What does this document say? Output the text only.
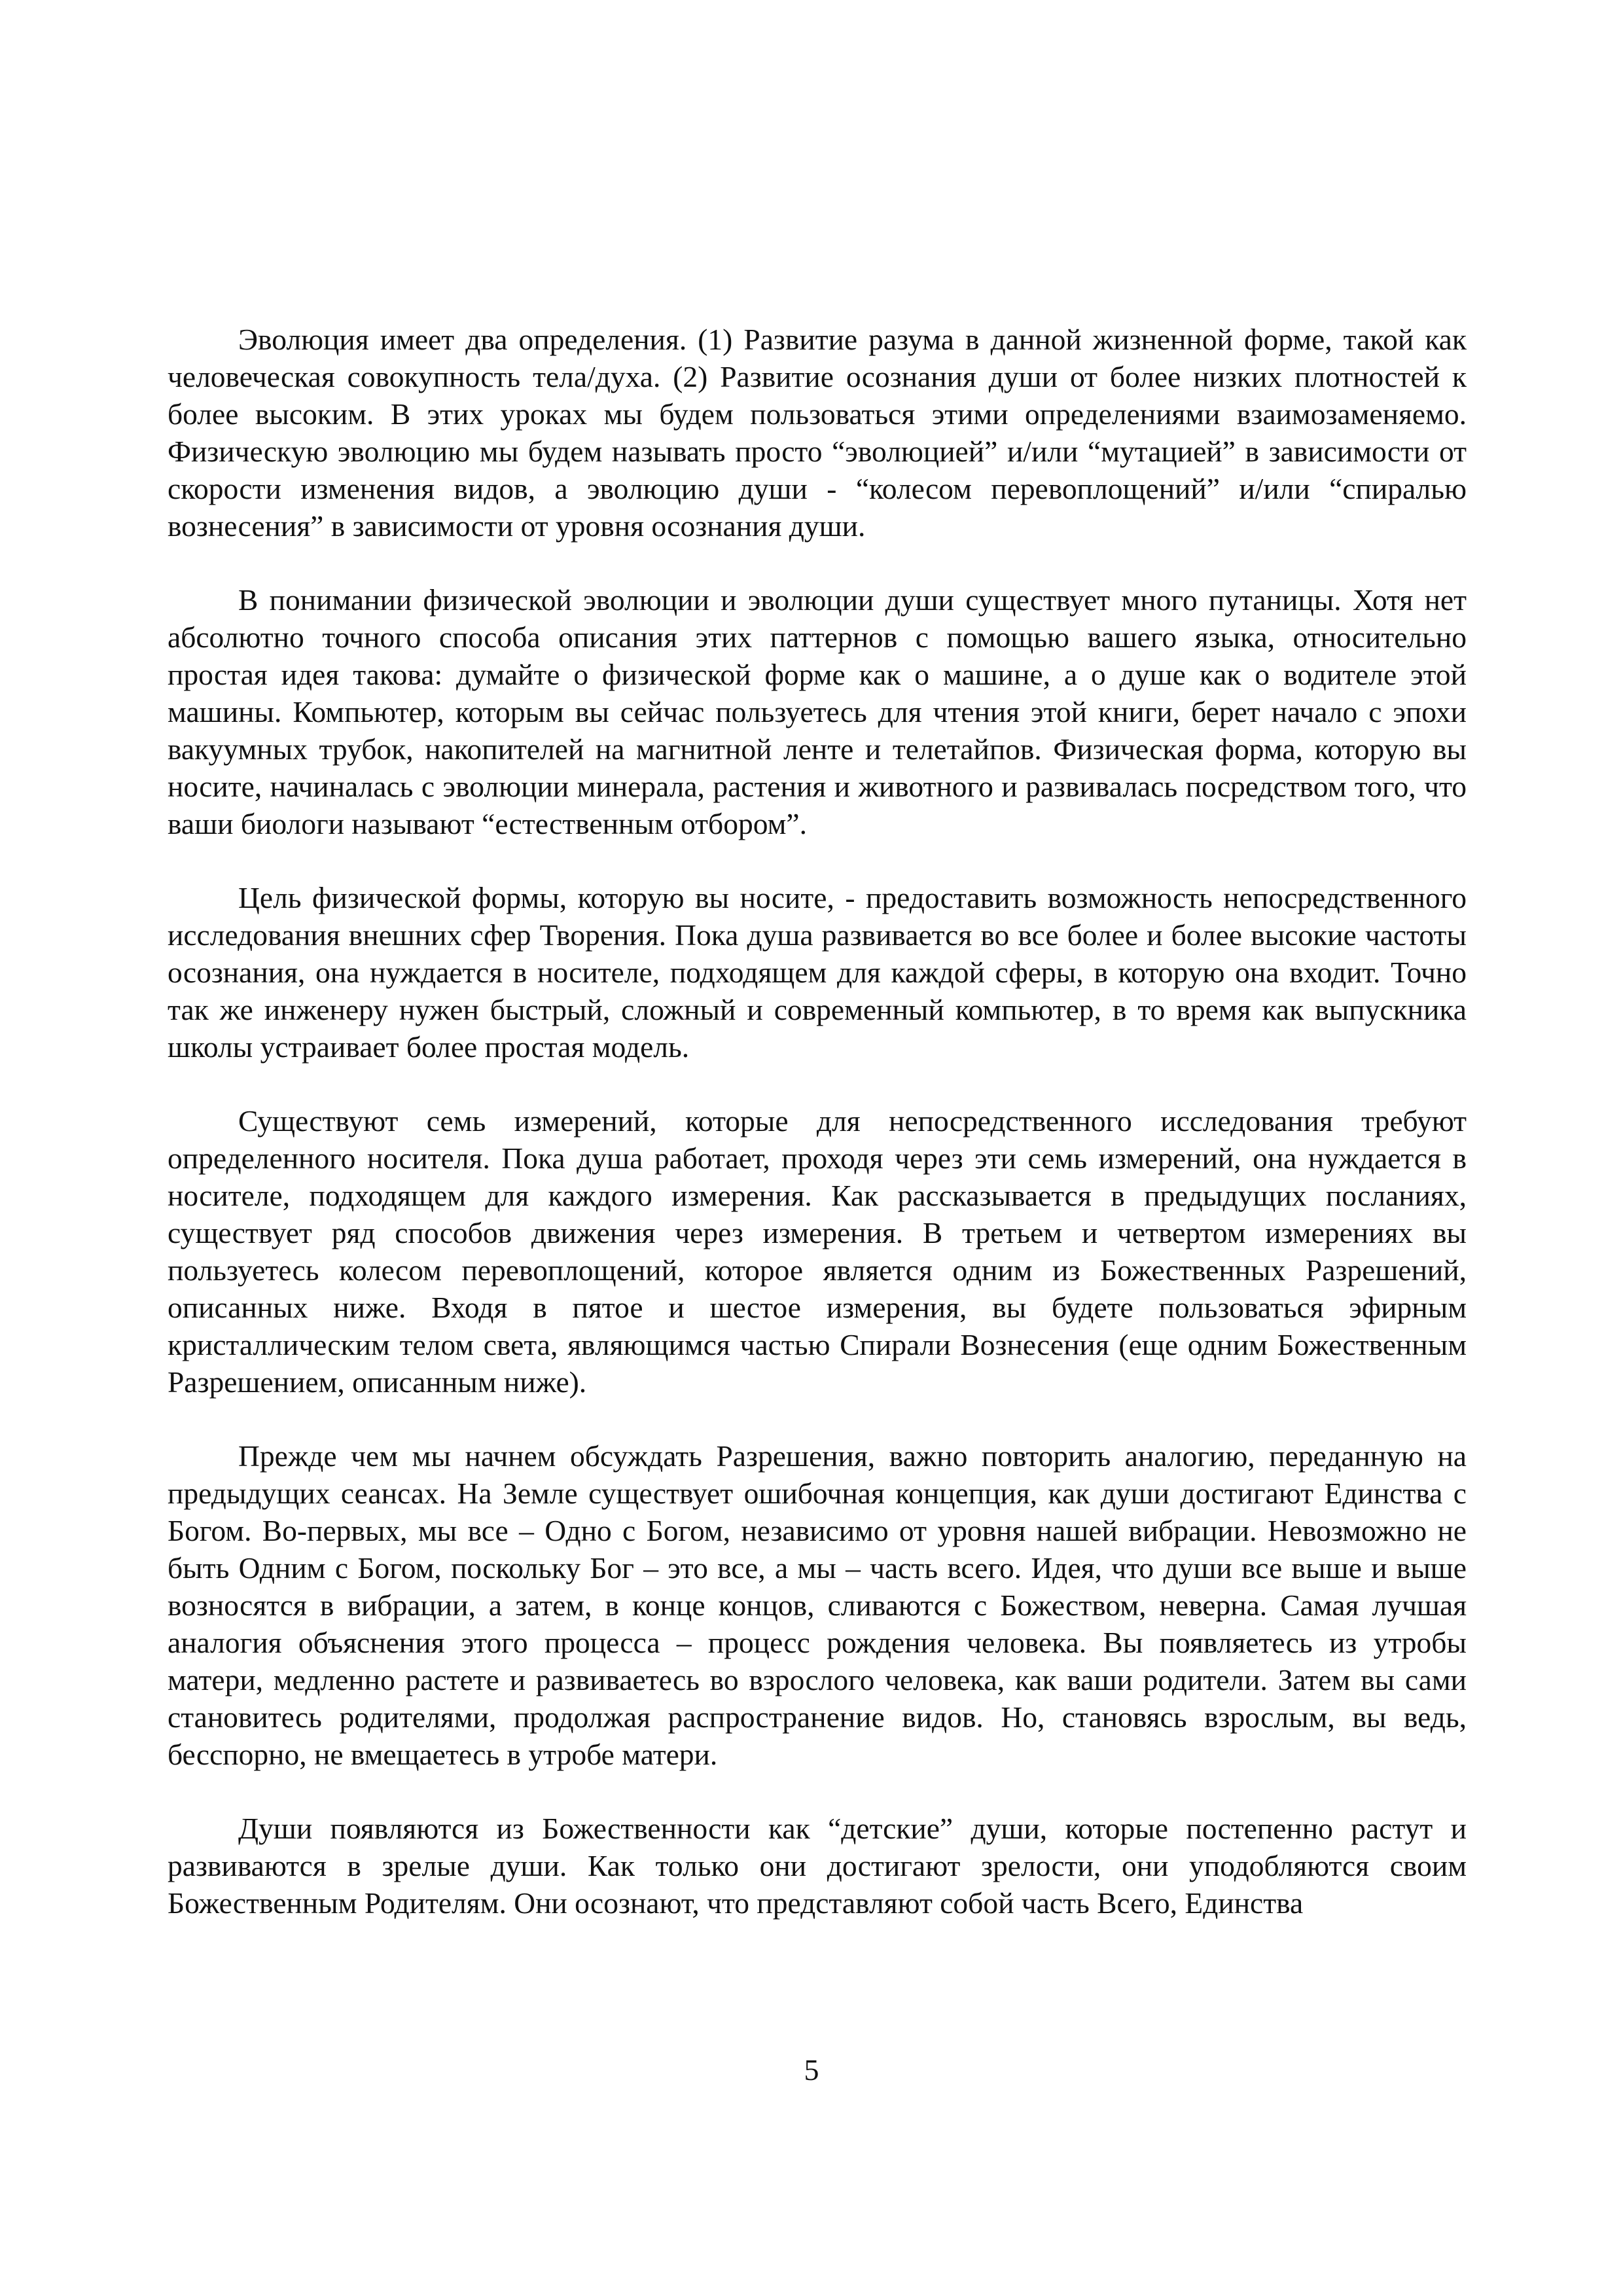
Эволюция имеет два определения. (1) Развитие разума в данной жизненной форме, такой как человеческая совокупность тела/духа. (2) Развитие осознания души от более низких плотностей к более высоким. В этих уроках мы будем пользоваться этими определениями взаимозаменяемо. Физическую эволюцию мы будем называть просто “эволюцией” и/или “мутацией” в зависимости от скорости изменения видов, а эволюцию души - “колесом перевоплощений” и/или “спиралью вознесения” в зависимости от уровня осознания души.

В понимании физической эволюции и эволюции души существует много путаницы. Хотя нет абсолютно точного способа описания этих паттернов с помощью вашего языка, относительно простая идея такова: думайте о физической форме как о машине, а о душе как о водителе этой машины. Компьютер, которым вы сейчас пользуетесь для чтения этой книги, берет начало с эпохи вакуумных трубок, накопителей на магнитной ленте и телетайпов. Физическая форма, которую вы носите, начиналась с эволюции минерала, растения и животного и развивалась посредством того, что ваши биологи называют “естественным отбором”.

Цель физической формы, которую вы носите, - предоставить возможность непосредственного исследования внешних сфер Творения. Пока душа развивается во все более и более высокие частоты осознания, она нуждается в носителе, подходящем для каждой сферы, в которую она входит. Точно так же инженеру нужен быстрый, сложный и современный компьютер, в то время как выпускника школы устраивает более простая модель.

Существуют семь измерений, которые для непосредственного исследования требуют определенного носителя. Пока душа работает, проходя через эти семь измерений, она нуждается в носителе, подходящем для каждого измерения. Как рассказывается в предыдущих посланиях, существует ряд способов движения через измерения. В третьем и четвертом измерениях вы пользуетесь колесом перевоплощений, которое является одним из Божественных Разрешений, описанных ниже. Входя в пятое и шестое измерения, вы будете пользоваться эфирным кристаллическим телом света, являющимся частью Спирали Вознесения (еще одним Божественным Разрешением, описанным ниже).

Прежде чем мы начнем обсуждать Разрешения, важно повторить аналогию, переданную на предыдущих сеансах. На Земле существует ошибочная концепция, как души достигают Единства с Богом. Во-первых, мы все – Одно с Богом, независимо от уровня нашей вибрации. Невозможно не быть Одним с Богом, поскольку Бог – это все, а мы – часть всего. Идея, что души все выше и выше возносятся в вибрации, а затем, в конце концов, сливаются с Божеством, неверна. Самая лучшая аналогия объяснения этого процесса – процесс рождения человека. Вы появляетесь из утробы матери, медленно растете и развиваетесь во взрослого человека, как ваши родители. Затем вы сами становитесь родителями, продолжая распространение видов. Но, становясь взрослым, вы ведь, бесспорно, не вмещаетесь в утробе матери.

Души появляются из Божественности как “детские” души, которые постепенно растут и развиваются в зрелые души. Как только они достигают зрелости, они уподобляются своим Божественным Родителям. Они осознают, что представляют собой часть Всего, Единства

5
